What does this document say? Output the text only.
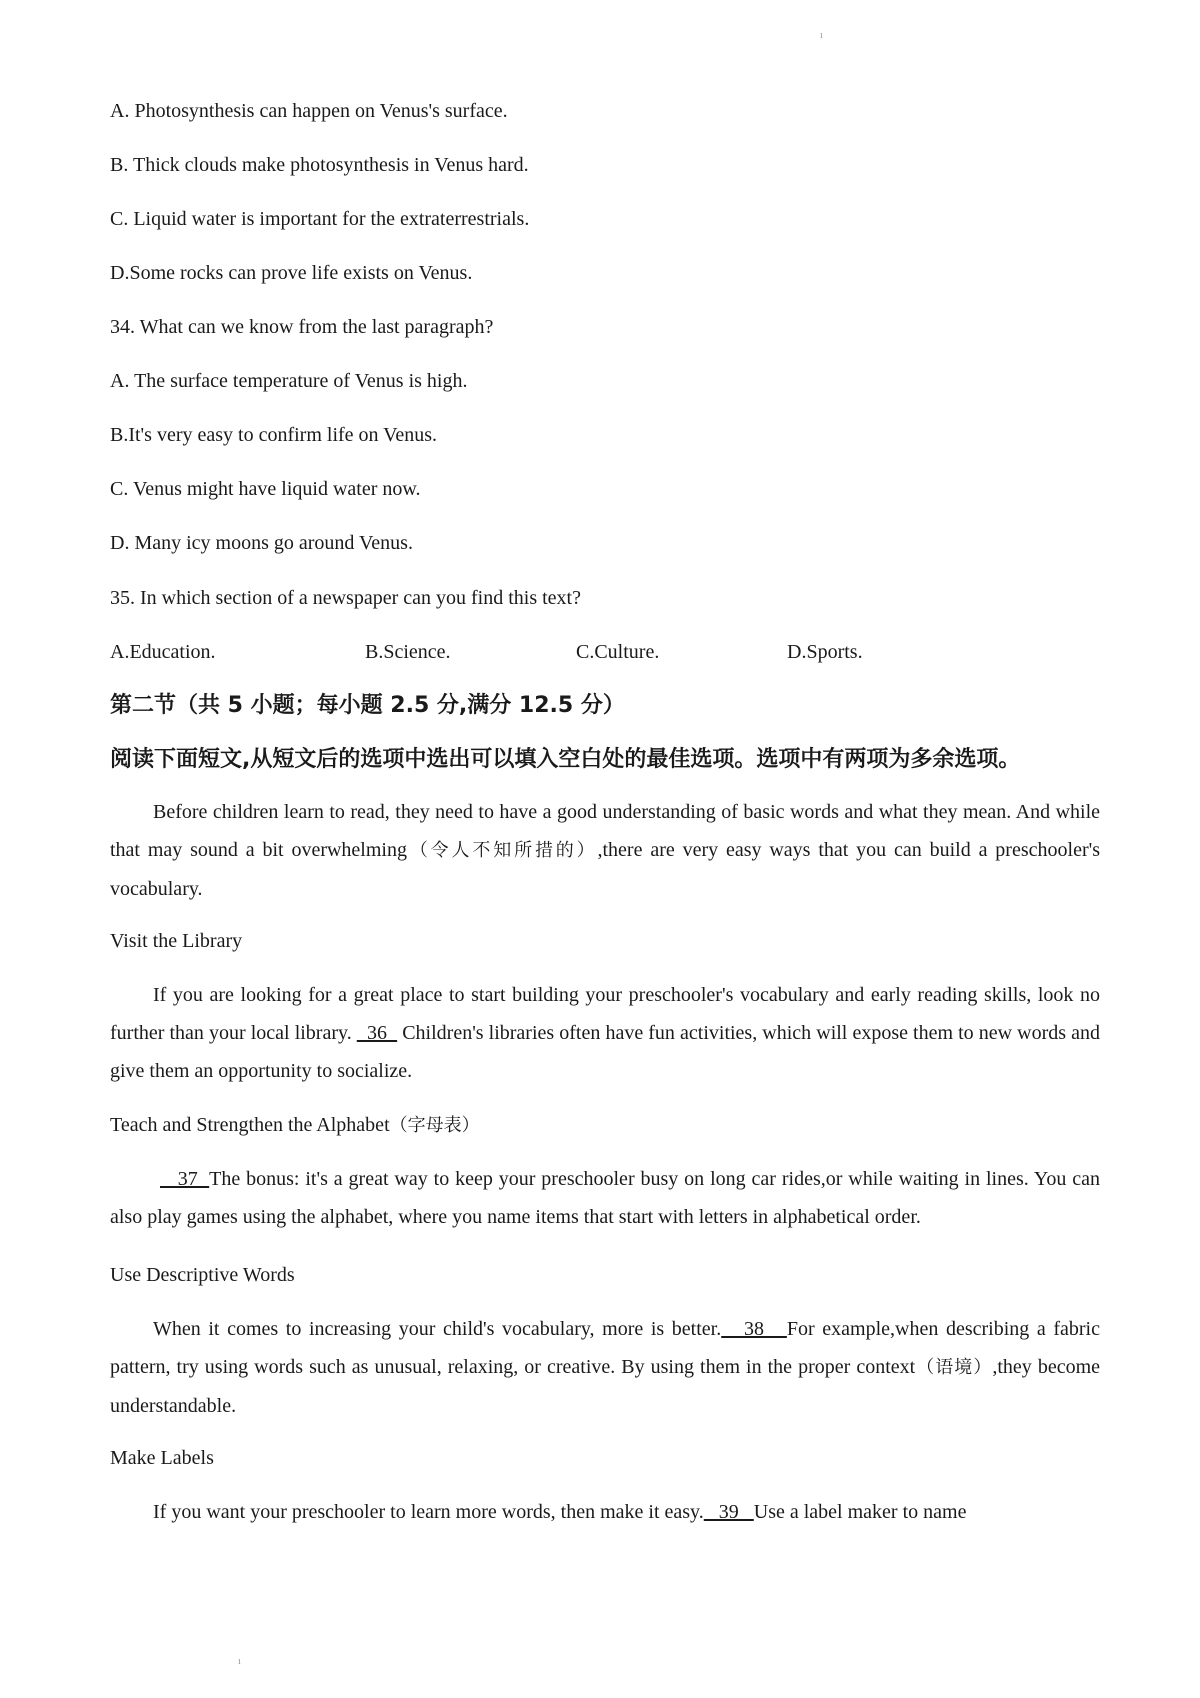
ı
A. Photosynthesis can happen on Venus's surface.
B. Thick clouds make photosynthesis in Venus hard.
C. Liquid water is important for the extraterrestrials.
D.Some rocks can prove life exists on Venus.
34. What can we know from the last paragraph?
A. The surface temperature of Venus is high.
B.It's very easy to confirm life on Venus.
C. Venus might have liquid water now.
D. Many icy moons go around Venus.
35. In which section of a newspaper can you find this text?
A.Education.	B.Science.	C.Culture.	D.Sports.
第二节（共 5 小题；每小题 2.5 分,满分 12.5 分）
阅读下面短文,从短文后的选项中选出可以填入空白处的最佳选项。选项中有两项为多余选项。
Before children learn to read, they need to have a good understanding of basic words and what they mean. And while that may sound a bit overwhelming（令人不知所措的）,there are very easy ways that you can build a preschooler's vocabulary.
Visit the Library
If you are looking for a great place to start building your preschooler's vocabulary and early reading skills, look no further than your local library.   36   Children's libraries often have fun activities, which will expose them to new words and give them an opportunity to socialize.
Teach and Strengthen the Alphabet（字母表）
37  The bonus: it's a great way to keep your preschooler busy on long car rides,or while waiting in lines. You can also play games using the alphabet, where you name items that start with letters in alphabetical order.
Use Descriptive Words
When it comes to increasing your child's vocabulary, more is better.   38   For example,when describing a fabric pattern, try using words such as unusual, relaxing, or creative. By using them in the proper context（语境）,they become understandable.
Make Labels
If you want your preschooler to learn more words, then make it easy.   39   Use a label maker to name
ı
